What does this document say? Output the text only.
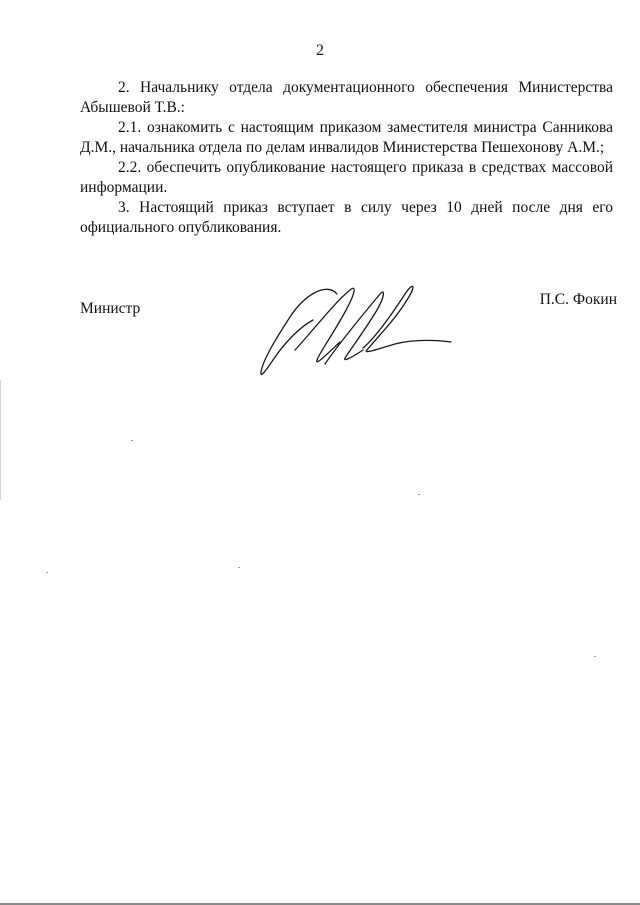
2

2. Начальнику отдела документационного обеспечения Министерства Абышевой Т.В.:

2.1. ознакомить с настоящим приказом заместителя министра Санникова Д.М., начальника отдела по делам инвалидов Министерства Пешехонову А.М.;

2.2. обеспечить опубликование настоящего приказа в средствах массовой информации.

3. Настоящий приказ вступает в силу через 10 дней после дня его официального опубликования.

Министр
П.С. Фокин
